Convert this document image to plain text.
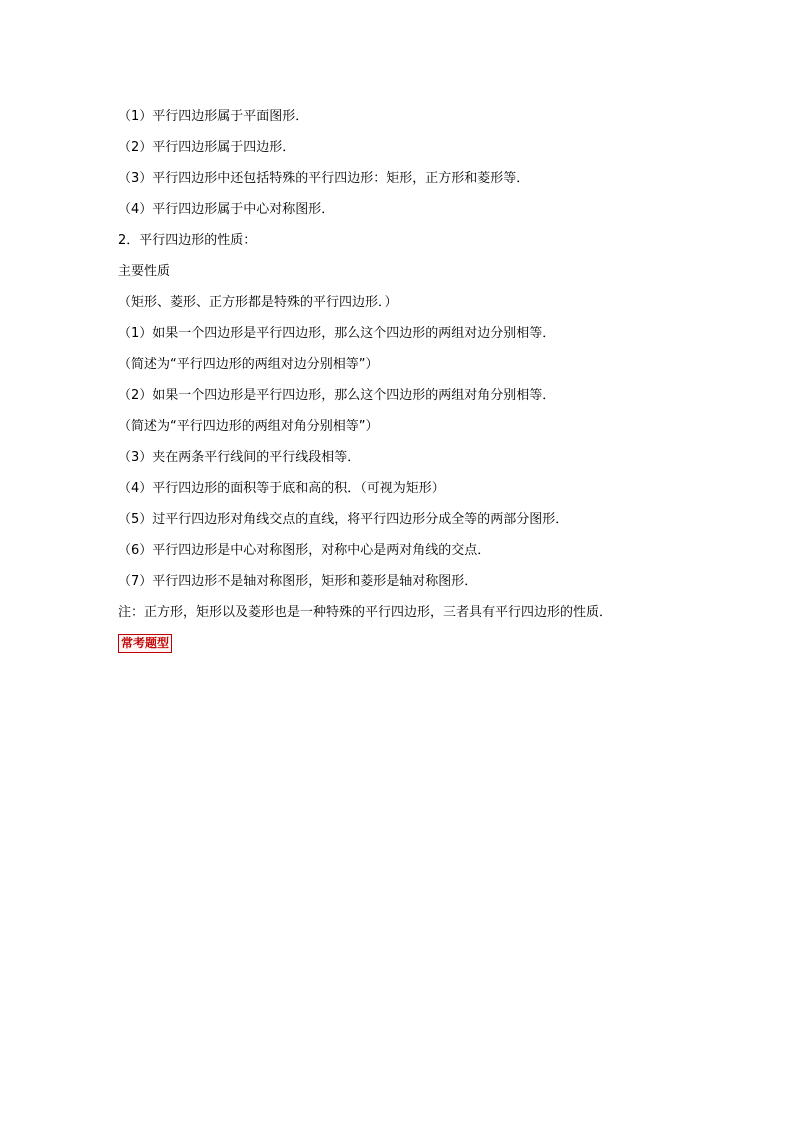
（1）平行四边形属于平面图形．

（2）平行四边形属于四边形．

（3）平行四边形中还包括特殊的平行四边形：矩形，正方形和菱形等．

（4）平行四边形属于中心对称图形．

2．平行四边形的性质：

主要性质

（矩形、菱形、正方形都是特殊的平行四边形．）

（1）如果一个四边形是平行四边形，那么这个四边形的两组对边分别相等．

（简述为“平行四边形的两组对边分别相等”）

（2）如果一个四边形是平行四边形，那么这个四边形的两组对角分别相等．

（简述为“平行四边形的两组对角分别相等”）

（3）夹在两条平行线间的平行线段相等．

（4）平行四边形的面积等于底和高的积．（可视为矩形）

（5）过平行四边形对角线交点的直线，将平行四边形分成全等的两部分图形．

（6）平行四边形是中心对称图形，对称中心是两对角线的交点．

（7）平行四边形不是轴对称图形，矩形和菱形是轴对称图形．

注：正方形，矩形以及菱形也是一种特殊的平行四边形，三者具有平行四边形的性质．

常考题型
